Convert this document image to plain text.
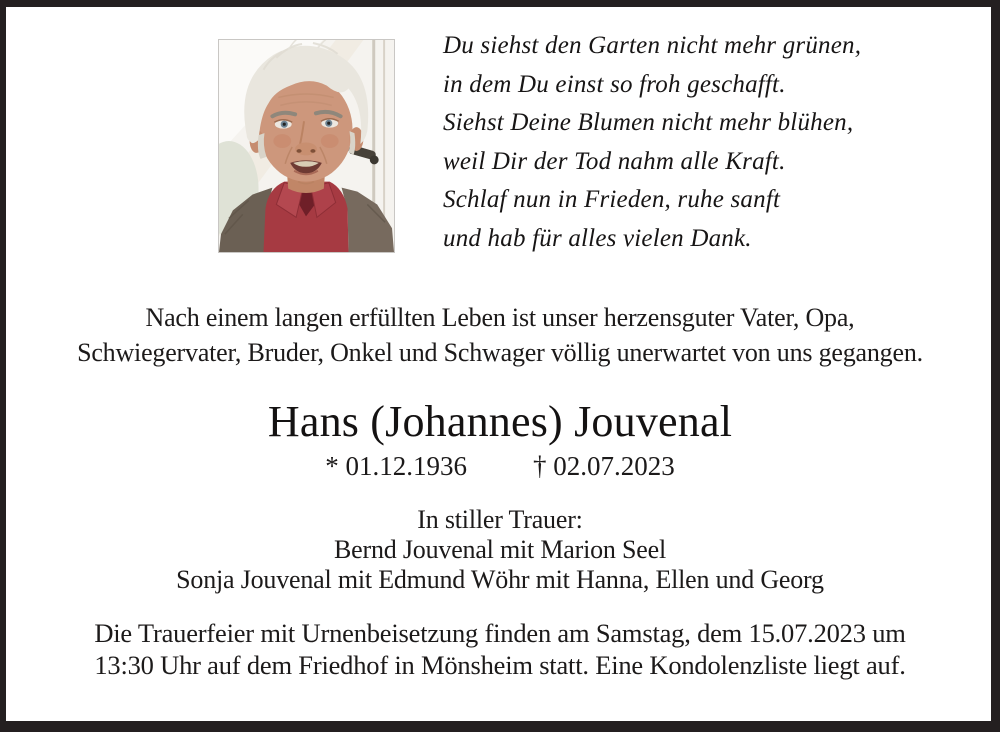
Du siehst den Garten nicht mehr grünen,
in dem Du einst so froh geschafft.
Siehst Deine Blumen nicht mehr blühen,
weil Dir der Tod nahm alle Kraft.
Schlaf nun in Frieden, ruhe sanft
und hab für alles vielen Dank.
Nach einem langen erfüllten Leben ist unser herzensguter Vater, Opa,
Schwiegervater, Bruder, Onkel und Schwager völlig unerwartet von uns gegangen.
Hans (Johannes) Jouvenal
* 01.12.1936 † 02.07.2023
In stiller Trauer:
Bernd Jouvenal mit Marion Seel
Sonja Jouvenal mit Edmund Wöhr mit Hanna, Ellen und Georg
Die Trauerfeier mit Urnenbeisetzung finden am Samstag, dem 15.07.2023 um
13:30 Uhr auf dem Friedhof in Mönsheim statt. Eine Kondolenzliste liegt auf.
